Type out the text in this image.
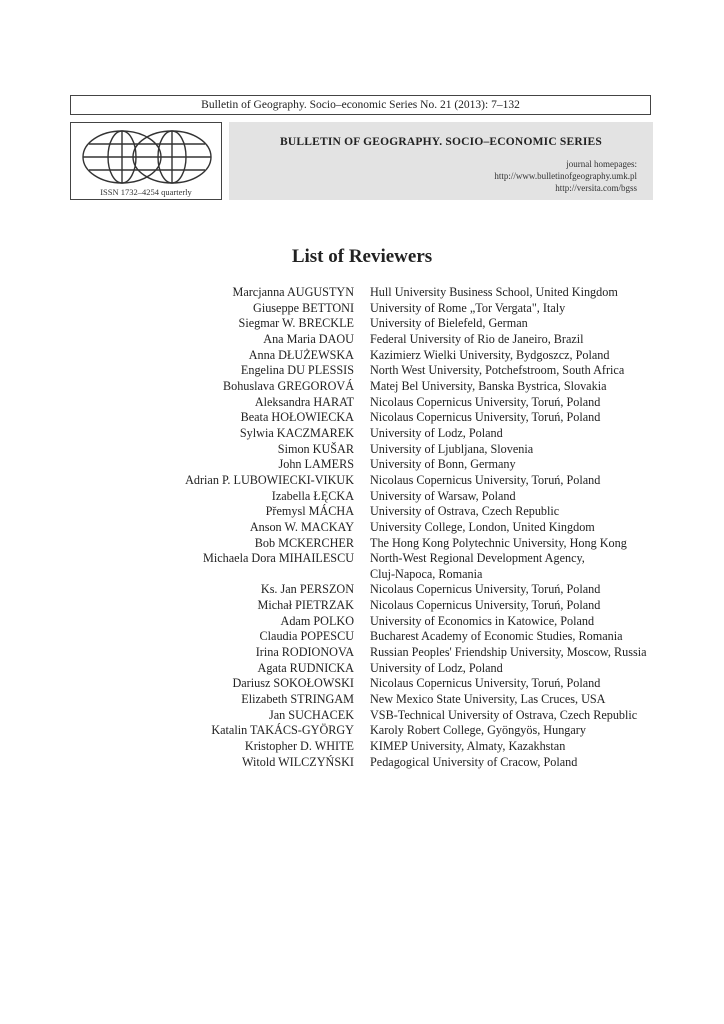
Bulletin of Geography. Socio–economic Series No. 21 (2013): 7–132
ISSN 1732–4254 quarterly
BULLETIN OF GEOGRAPHY. SOCIO–ECONOMIC SERIES
journal homepages:
http://www.bulletinofgeography.umk.pl
http://versita.com/bgss
List of Reviewers
Marcjanna AUGUSTYN Hull University Business School, United Kingdom
Giuseppe BETTONI University of Rome „Tor Vergata", Italy
Siegmar W. BRECKLE University of Bielefeld, German
Ana Maria DAOU Federal University of Rio de Janeiro, Brazil
Anna DŁUŻEWSKA Kazimierz Wielki University, Bydgoszcz, Poland
Engelina DU PLESSIS North West University, Potchefstroom, South Africa
Bohuslava GREGOROVÁ Matej Bel University, Banska Bystrica, Slovakia
Aleksandra HARAT Nicolaus Copernicus University, Toruń, Poland
Beata HOŁOWIECKA Nicolaus Copernicus University, Toruń, Poland
Sylwia KACZMAREK University of Lodz, Poland
Simon KUŠAR University of Ljubljana, Slovenia
John LAMERS University of Bonn, Germany
Adrian P. LUBOWIECKI-VIKUK Nicolaus Copernicus University, Toruń, Poland
Izabella ŁĘCKA University of Warsaw, Poland
Přemysl MÁCHA University of Ostrava, Czech Republic
Anson W. MACKAY University College, London, United Kingdom
Bob MCKERCHER The Hong Kong Polytechnic University, Hong Kong
Michaela Dora MIHAILESCU North-West Regional Development Agency,
Cluj-Napoca, Romania
Ks. Jan PERSZON Nicolaus Copernicus University, Toruń, Poland
Michał PIETRZAK Nicolaus Copernicus University, Toruń, Poland
Adam POLKO University of Economics in Katowice, Poland
Claudia POPESCU Bucharest Academy of Economic Studies, Romania
Irina RODIONOVA Russian Peoples' Friendship University, Moscow, Russia
Agata RUDNICKA University of Lodz, Poland
Dariusz SOKOŁOWSKI Nicolaus Copernicus University, Toruń, Poland
Elizabeth STRINGAM New Mexico State University, Las Cruces, USA
Jan SUCHACEK VSB-Technical University of Ostrava, Czech Republic
Katalin TAKÁCS-GYÖRGY Karoly Robert College, Gyöngyös, Hungary
Kristopher D. WHITE KIMEP University, Almaty, Kazakhstan
Witold WILCZYŃSKI Pedagogical University of Cracow, Poland
